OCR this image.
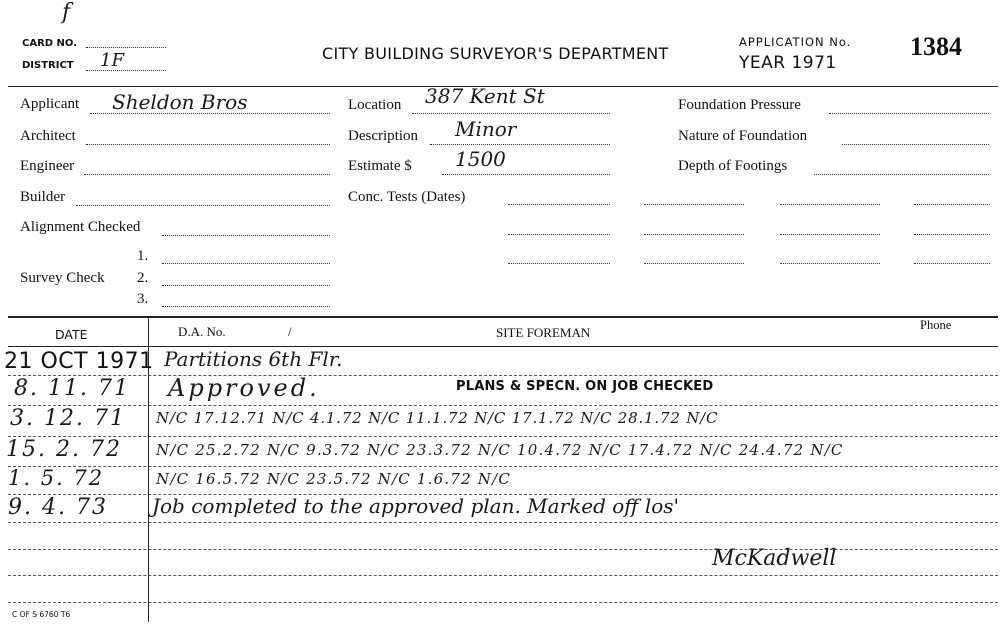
f
CARD NO.
DISTRICT 1F	CITY BUILDING SURVEYOR'S DEPARTMENT
APPLICATION No.
YEAR 1971
1384
Applicant Sheldon Bros
Architect
Engineer
Builder
Alignment Checked
Survey Check
1.
2.
3.
Location 387 Kent St
Description Minor
Estimate $ 1500
Conc. Tests (Dates)
Foundation Pressure
Nature of Foundation
Depth of Footings
DATE	D.A. No.	/	SITE FOREMAN	Phone
21 OCT 1971 Partitions 6th Flr.
8. 11. 71 Approved.	PLANS & SPECN. ON JOB CHECKED
3. 12. 71 N/C 17.12.71 N/C 4.1.72 N/C 11.1.72 N/C 17.1.72 N/C 28.1.72 N/C
15. 2. 72 N/C 25.2.72 N/C 9.3.72 N/C 23.3.72 N/C 10.4.72 N/C 17.4.72 N/C 24.4.72 N/C
1. 5. 72	N/C 16.5.72 N/C 23.5.72 N/C 1.6.72 N/C
9. 4. 73 Job completed to the approved plan. Marked off los'
McKadwell
C OF S 6760 T6
